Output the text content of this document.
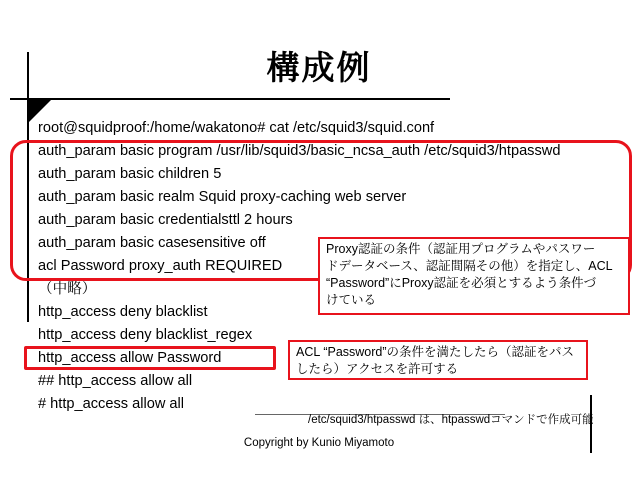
構成例
root@squidproof:/home/wakatono# cat /etc/squid3/squid.conf
auth_param basic program /usr/lib/squid3/basic_ncsa_auth /etc/squid3/htpasswd
auth_param basic children 5
auth_param basic realm Squid proxy-caching web server
auth_param basic credentialsttl 2 hours
auth_param basic casesensitive off
acl Password proxy_auth REQUIRED
（中略）
http_access deny blacklist
http_access deny blacklist_regex
http_access allow Password
## http_access allow all
# http_access allow all
Proxy認証の条件（認証用プログラムやパスワー
ドデータベース、認証間隔その他）を指定し、ACL
“Password”にProxy認証を必須とするよう条件づ
けている
ACL “Password”の条件を満たしたら（認証をパス
したら）アクセスを許可する
/etc/squid3/htpasswd は、htpasswdコマンドで作成可能
Copyright by Kunio Miyamoto
